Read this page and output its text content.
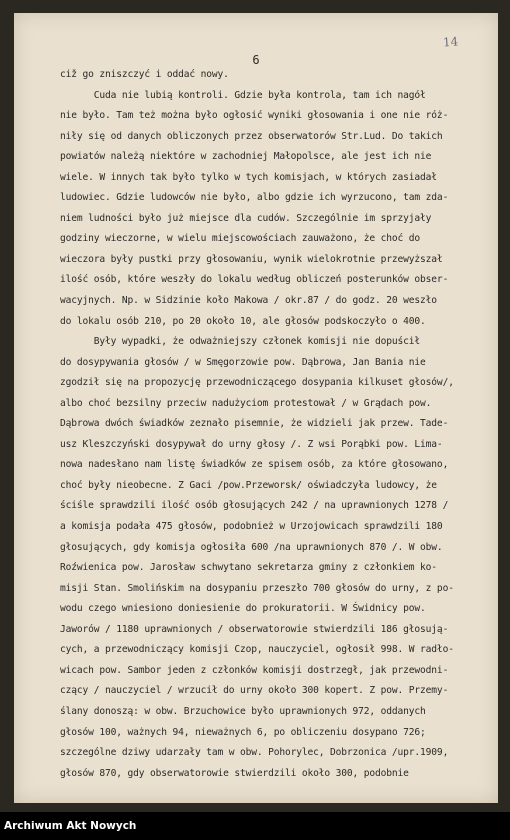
14
6
ciž go zniszczyć i oddać nowy.
Cuda nie lubią kontroli. Gdzie była kontrola, tam ich nagół
nie było. Tam też można było ogłosić wyniki głosowania i one nie róż-
niły się od danych obliczonych przez obserwatorów Str.Lud. Do takich
powiatów należą niektóre w zachodniej Małopolsce, ale jest ich nie
wiele. W innych tak było tylko w tych komisjach, w których zasiadał
ludowiec. Gdzie ludowców nie było, albo gdzie ich wyrzucono, tam zda-
niem ludności było już miejsce dla cudów. Szczególnie im sprzyjały
godziny wieczorne, w wielu miejscowościach zauważono, że choć do
wieczora były pustki przy głosowaniu, wynik wielokrotnie przewyższał
ilość osób, które weszły do lokalu według obliczeń posterunków obser-
wacyjnych. Np. w Sidzinie koło Makowa / okr.87 / do godz. 20 weszło
do lokalu osób 210, po 20 około 10, ale głosów podskoczyło o 400.
Były wypadki, że odważniejszy członek komisji nie dopuścił
do dosypywania głosów / w Smęgorzowie pow. Dąbrowa, Jan Bania nie
zgodził się na propozycję przewodniczącego dosypania kilkuset głosów/,
albo choć bezsilny przeciw nadużyciom protestował / w Grądach pow.
Dąbrowa dwóch świadków zeznało pisemnie, że widzieli jak przew. Tade-
usz Kleszczyński dosypywał do urny głosy /. Z wsi Porąbki pow. Lima-
nowa nadesłano nam listę świadków ze spisem osób, za które głosowano,
choć były nieobecne. Z Gaci /pow.Przeworsk/ oświadczyła ludowcy, że
ściśle sprawdzili ilość osób głosujących 242 / na uprawnionych 1278 /
a komisja podała 475 głosów, podobnież w Urzojowicach sprawdzili 180
głosujących, gdy komisja ogłosiła 600 /na uprawnionych 870 /. W obw.
Roźwienica pow. Jarosław schwytano sekretarza gminy z członkiem ko-
misji Stan. Smolińskim na dosypaniu przeszło 700 głosów do urny, z po-
wodu czego wniesiono doniesienie do prokuratorii. W Świdnicy pow.
Jaworów / 1180 uprawnionych / obserwatorowie stwierdzili 186 głosują-
cych, a przewodniczący komisji Czop, nauczyciel, ogłosił 998. W radło-
wicach pow. Sambor jeden z członków komisji dostrzegł, jak przewodni-
czący / nauczyciel / wrzucił do urny około 300 kopert. Z pow. Przemy-
ślany donoszą: w obw. Brzuchowice było uprawnionych 972, oddanych
głosów 100, ważnych 94, nieważnych 6, po obliczeniu dosypano 726;
szczególne dziwy udarzały tam w obw. Pohorylec, Dobrzonica /upr.1909,
głosów 870, gdy obserwatorowie stwierdzili około 300, podobnie
Archiwum Akt Nowych
